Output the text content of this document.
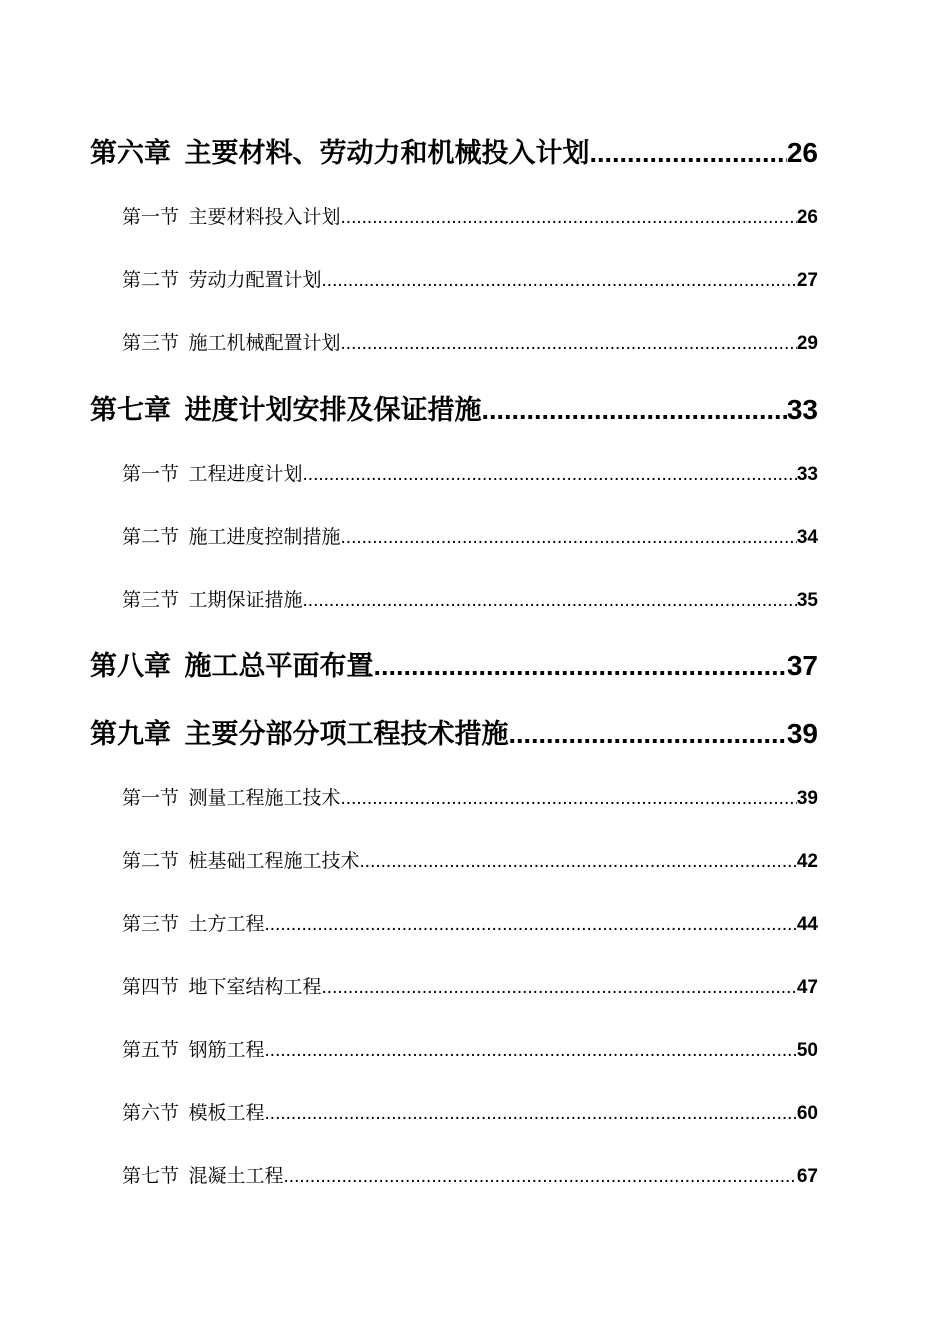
第六章 主要材料、劳动力和机械投入计划 .....	26
第一节 主要材料投入计划 .....	26
第二节 劳动力配置计划 .....	27
第三节 施工机械配置计划 .....	29
第七章 进度计划安排及保证措施 .....	33
第一节 工程进度计划 .....	33
第二节 施工进度控制措施 .....	34
第三节 工期保证措施 .....	35
第八章 施工总平面布置 .....	37
第九章 主要分部分项工程技术措施 .....	39
第一节 测量工程施工技术 .....	39
第二节 桩基础工程施工技术 .....	42
第三节 土方工程 .....	44
第四节 地下室结构工程 .....	47
第五节 钢筋工程 .....	50
第六节 模板工程 .....	60
第七节 混凝土工程 .....	67
